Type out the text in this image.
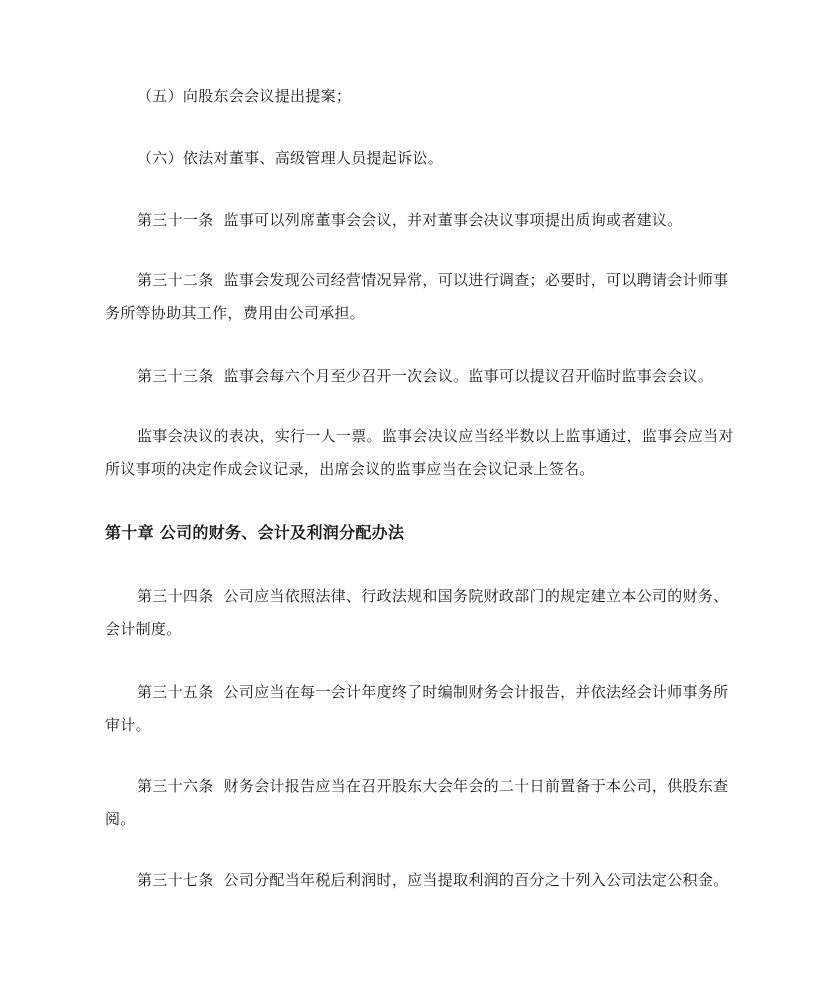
（五）向股东会会议提出提案；

（六）依法对董事、高级管理人员提起诉讼。

第三十一条 监事可以列席董事会会议，并对董事会决议事项提出质询或者建议。

第三十二条 监事会发现公司经营情况异常，可以进行调查；必要时，可以聘请会计师事务所等协助其工作，费用由公司承担。

第三十三条 监事会每六个月至少召开一次会议。监事可以提议召开临时监事会会议。

监事会决议的表决，实行一人一票。监事会决议应当经半数以上监事通过，监事会应当对所议事项的决定作成会议记录，出席会议的监事应当在会议记录上签名。

第十章 公司的财务、会计及利润分配办法

第三十四条 公司应当依照法律、行政法规和国务院财政部门的规定建立本公司的财务、会计制度。

第三十五条 公司应当在每一会计年度终了时编制财务会计报告，并依法经会计师事务所审计。

第三十六条 财务会计报告应当在召开股东大会年会的二十日前置备于本公司，供股东查阅。

第三十七条 公司分配当年税后利润时，应当提取利润的百分之十列入公司法定公积金。
